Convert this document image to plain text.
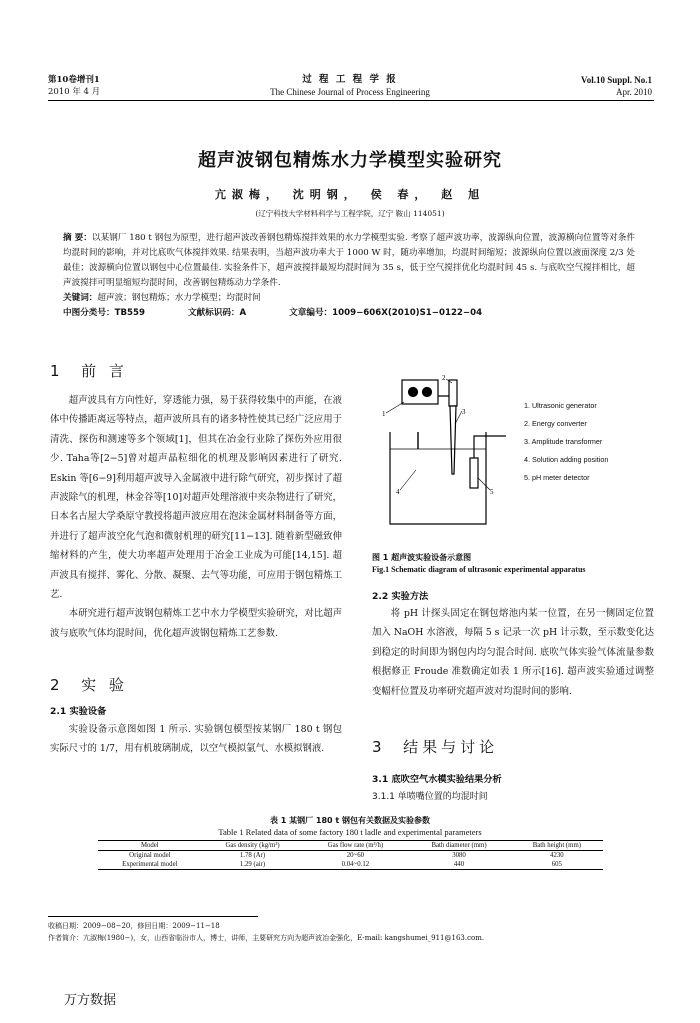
第10卷增刊1
2010 年 4 月
过 程 工 程 学 报
The Chinese Journal of Process Engineering
Vol.10 Suppl. No.1
Apr. 2010
超声波钢包精炼水力学模型实验研究
亢淑梅， 沈明钢， 侯 春， 赵 旭
(辽宁科技大学材料科学与工程学院，辽宁 鞍山 114051)
摘 要：以某钢厂 180 t 钢包为原型，进行超声波改善钢包精炼搅拌效果的水力学模型实验. 考察了超声波功率，波源纵向位置，波源横向位置等对条件均混时间的影响，并对比底吹气体搅拌效果. 结果表明，当超声波功率大于 1000 W 时，随功率增加，均混时间缩短；波源纵向位置以液面深度 2/3 处最佳；波源横向位置以钢包中心位置最佳. 实验条件下，超声波搅拌最短均混时间为 35 s，低于空气搅拌优化均混时间 45 s. 与底吹空气搅拌相比，超声波搅拌可明显缩短均混时间，改善钢包精炼动力学条件.
关键词：超声波；钢包精炼；水力学模型；均混时间
中图分类号：TB559	文献标识码：A	文章编号：1009−606X(2010)S1−0122−04
1 前 言

超声波具有方向性好，穿透能力强，易于获得较集中的声能，在液体中传播距离远等特点，超声波所具有的诸多特性使其已经广泛应用于清洗、探伤和测速等多个领域[1]，但其在冶金行业除了探伤外应用很少. Taha等[2−5]曾对超声晶粒细化的机理及影响因素进行了研究. Eskin 等[6−9]利用超声波导入金属液中进行除气研究，初步探讨了超声波除气的机理，林金谷等[10]对超声处理溶液中夹杂物进行了研究，日本名古屋大学桑原守教授将超声波应用在泡沫金属材料制备等方面，并进行了超声波空化气泡和微射机理的研究[11−13]. 随着新型磁致伸缩材料的产生，使大功率超声处理用于冶金工业成为可能[14,15]. 超声波具有搅拌、雾化、分散、凝聚、去气等功能，可应用于钢包精炼工艺.

本研究进行超声波钢包精炼工艺中水力学模型实验研究，对比超声波与底吹气体均混时间，优化超声波钢包精炼工艺参数.

2 实 验
2.1 实验设备

实验设备示意图如图 1 所示. 实验钢包模型按某钢厂 180 t 钢包实际尺寸的 1/7，用有机玻璃制成，以空气模拟氩气、水模拟钢液.

1
2
3
4	5
1. Ultrasonic generator
2. Energy converter
3. Amplitude transformer
4. Solution adding position
5. pH meter detector
图 1 超声波实验设备示意图
Fig.1 Schematic diagram of ultrasonic experimental apparatus
2.2 实验方法

将 pH 计探头固定在钢包熔池内某一位置，在另一侧固定位置加入 NaOH 水溶液，每隔 5 s 记录一次 pH 计示数，至示数变化达到稳定的时间即为钢包内均匀混合时间. 底吹气体实验气体流量参数根据修正 Froude 准数确定如表 1 所示[16]. 超声波实验通过调整变幅杆位置及功率研究超声波对均混时间的影响.

3 结果与讨论
3.1 底吹空气水模实验结果分析
3.1.1 单喷嘴位置的均混时间
表 1 某钢厂 180 t 钢包有关数据及实验参数
Table 1 Related data of some factory 180 t ladle and experimental parameters
Model	Gas density (kg/m³)	Gas flow rate (m³/h)	Bath diameter (mm)	Bath height (mm)
Original model	1.78 (Ar)	20~60	3080	4230
Experimental model	1.29 (air)	0.04~0.12	440	605
收稿日期：2009−08−20，修回日期：2009−11−18
作者简介：亢淑梅(1980−)，女，山西省临汾市人，博士，讲师，主要研究方向为超声波冶金强化，E-mail: kangshumei_911@163.com.
万方数据
